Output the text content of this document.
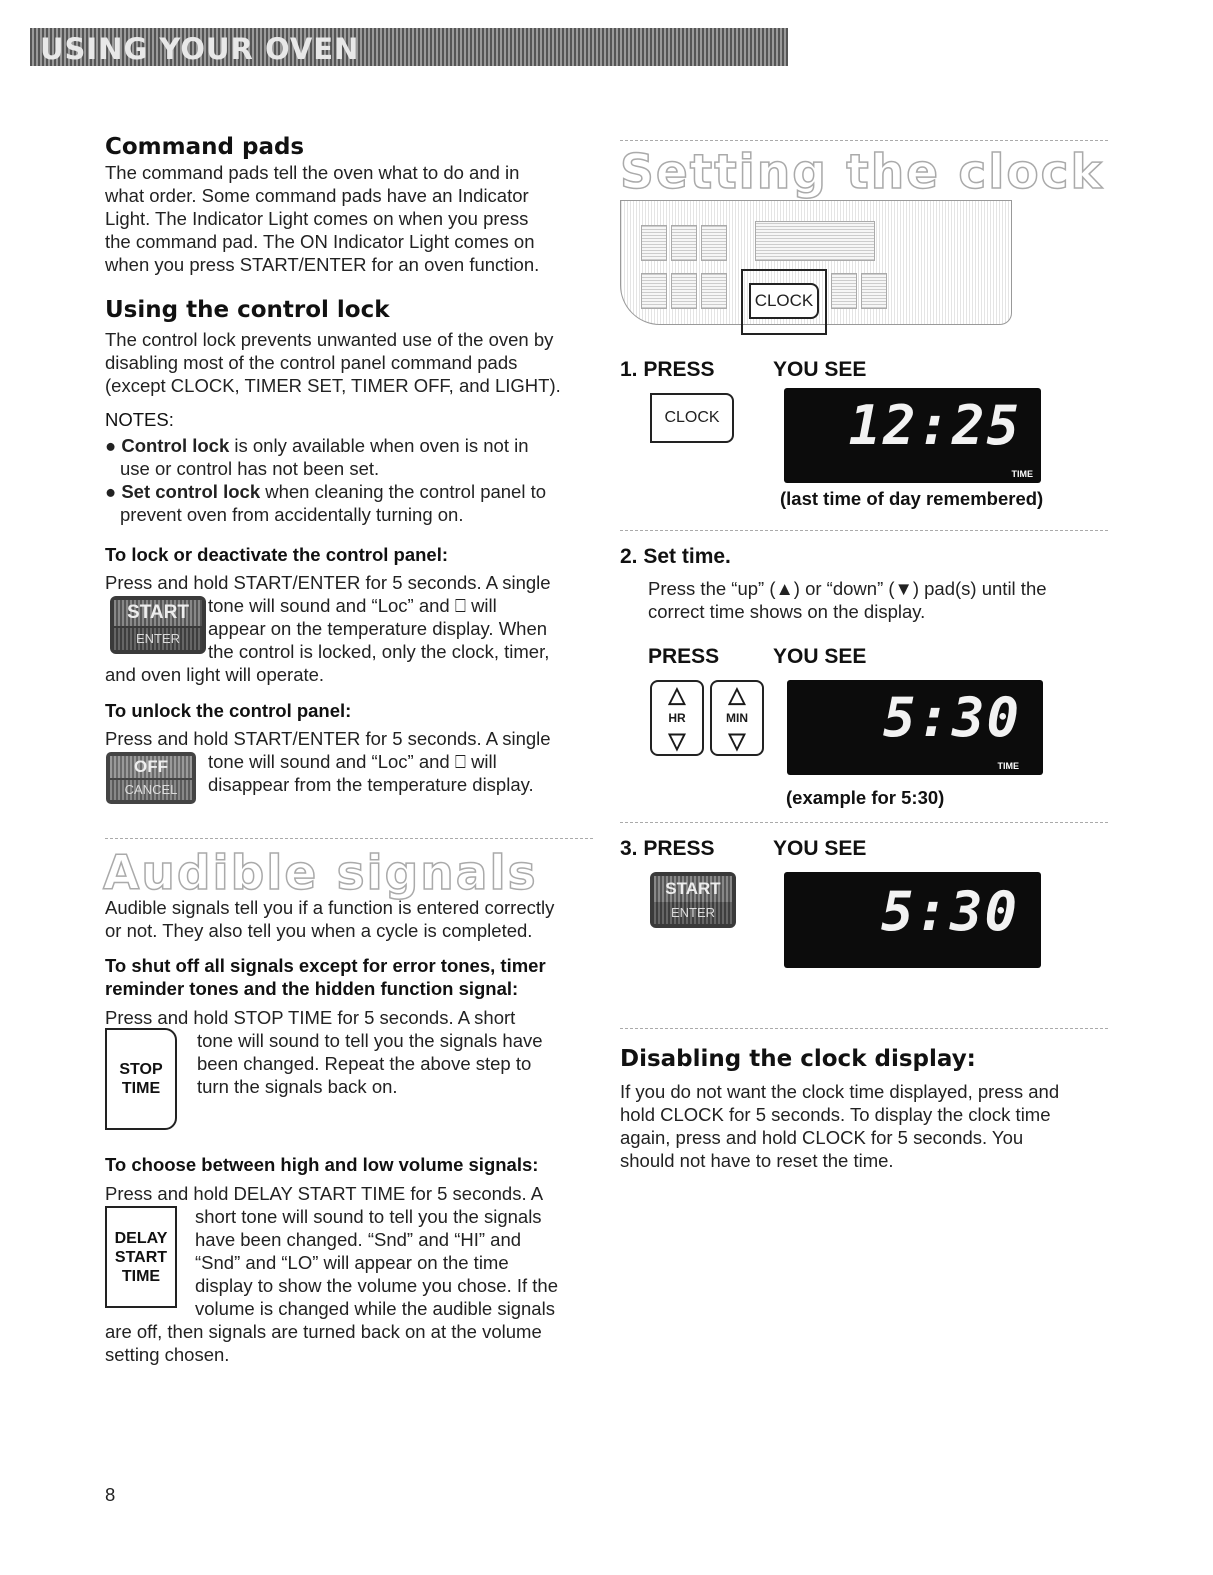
USING YOUR OVEN
Command pads
The command pads tell the oven what to do and in
what order. Some command pads have an Indicator
Light. The Indicator Light comes on when you press
the command pad. The ON Indicator Light comes on
when you press START/ENTER for an oven function.
Using the control lock
The control lock prevents unwanted use of the oven by
disabling most of the control panel command pads
(except CLOCK, TIMER SET, TIMER OFF, and LIGHT).
NOTES:
● Control lock is only available when oven is not in
use or control has not been set.
● Set control lock when cleaning the control panel to
prevent oven from accidentally turning on.
To lock or deactivate the control panel:
Press and hold START/ENTER for 5 seconds. A single
START
ENTER
tone will sound and “Loc” and ⎕ will
appear on the temperature display. When
the control is locked, only the clock, timer,
and oven light will operate.
To unlock the control panel:
Press and hold START/ENTER for 5 seconds. A single
OFF
CANCEL
tone will sound and “Loc” and ⎕ will
disappear from the temperature display.
Audible signals
Audible signals tell you if a function is entered correctly
or not. They also tell you when a cycle is completed.
To shut off all signals except for error tones, timer
reminder tones and the hidden function signal:
Press and hold STOP TIME for 5 seconds. A short
STOP
TIME
tone will sound to tell you the signals have
been changed. Repeat the above step to
turn the signals back on.
To choose between high and low volume signals:
Press and hold DELAY START TIME for 5 seconds. A
DELAY
START
TIME
short tone will sound to tell you the signals
have been changed. “Snd” and “HI” and
“Snd” and “LO” will appear on the time
display to show the volume you chose. If the
volume is changed while the audible signals
are off, then signals are turned back on at the volume
setting chosen.
8
Setting the clock
CLOCK
1. PRESS	YOU SEE
CLOCK 12:25
TIME
(last time of day remembered)
2. Set time.
Press the “up” (▲) or “down” (▼) pad(s) until the
correct time shows on the display.
PRESS	YOU SEE
△
HR
▽
△
MIN
▽	5:30
TIME
(example for 5:30)
3. PRESS	YOU SEE
START
ENTER	5:30
Disabling the clock display:
If you do not want the clock time displayed, press and
hold CLOCK for 5 seconds. To display the clock time
again, press and hold CLOCK for 5 seconds. You
should not have to reset the time.
